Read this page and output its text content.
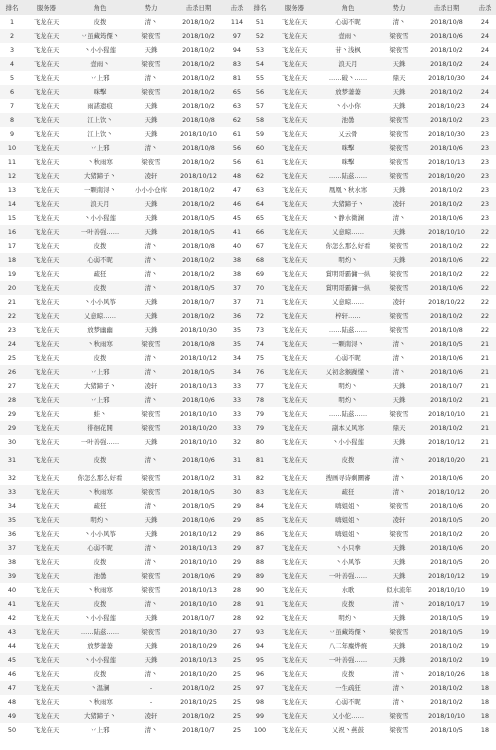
排名	服务器	角色	势力	击杀日期	击杀	排名	服务器	角色	势力	击杀日期	击杀
1	飞龙在天	皮拨	清丶	2018/10/2	114	51	飞龙在天	心弱不昵	清丶	2018/10/8	24
2	飞龙在天	丷虽藏筠僳丶	梁夜雪	2018/10/2	97	52	飞龙在天	壹雨丶	梁夜雪	2018/10/6	24
3	飞龙在天	丶小小猩莲	天銖	2018/10/2	94	53	飞龙在天	苷丶浅枫	梁夜雪	2018/10/2	24
4	飞龙在天	壹雨丶	梁夜雪	2018/10/2	83	54	飞龙在天	浪天月	天銖	2018/10/2	24
5	飞龙在天	丷上邪	清丶	2018/10/2	81	55	飞龙在天	……破丶……	鼎天	2018/10/30	24
6	飞龙在天	咪擊	梁夜雪	2018/10/2	65	56	飞龙在天	放梦萋萋	天銖	2018/10/2	24
7	飞龙在天	雨諾遗痕	天銖	2018/10/2	63	57	飞龙在天	丶小小你	天銖	2018/10/23	24
8	飞龙在天	江上饮丶	天銖	2018/10/8	62	58	飞龙在天	池曇	梁夜雪	2018/10/2	23
9	飞龙在天	江上饮丶	天銖	2018/10/10	61	59	飞龙在天	乂云骨	梁夜雪	2018/10/30	23
10	飞龙在天	丷上邪	清丶	2018/10/8	56	60	飞龙在天	咪擊	梁夜雪	2018/10/6	23
11	飞龙在天	丶秋雨寒	梁夜雪	2018/10/2	56	61	飞龙在天	咪擊	梁夜雪	2018/10/13	23
12	飞龙在天	大猪蹄子丶	凌轩	2018/10/12	48	62	飞龙在天	……陆茲……	梁夜雪	2018/10/20	23
13	飞龙在天	一颗南浔丶	小小小仓库	2018/10/2	47	63	飞龙在天	凰凰丶秋水寒	天銖	2018/10/2	23
14	飞龙在天	浪天月	天銖	2018/10/2	46	64	飞龙在天	大猪蹄子丶	凌轩	2018/10/2	23
15	飞龙在天	丶小小猩莲	天銖	2018/10/5	45	65	飞龙在天	丶静水微澜	清丶	2018/10/6	23
16	飞龙在天	一叶善强……	天銖	2018/10/5	41	66	飞龙在天	乂意晾……	天銖	2018/10/10	22
17	飞龙在天	皮拨	清丶	2018/10/8	40	67	飞龙在天	你怎么那么好看	梁夜雪	2018/10/2	22
18	飞龙在天	心弱不昵	清丶	2018/10/2	38	68	飞龙在天	明灼丶	天銖	2018/10/6	22
19	飞龙在天	疏狂	清丶	2018/10/2	38	69	飞龙在天	賞明哥霸傭一纵	梁夜雪	2018/10/2	22
20	飞龙在天	皮拨	清丶	2018/10/5	37	70	飞龙在天	賞明哥霸傭一纵	梁夜雪	2018/10/6	22
21	飞龙在天	丶小小风筝	天銖	2018/10/7	37	71	飞龙在天	乂意晾……	凌轩	2018/10/22	22
22	飞龙在天	乂意晾……	天銖	2018/10/2	36	72	飞龙在天	梓轩……	梁夜雪	2018/10/2	22
23	飞龙在天	放梦幽幽	天銖	2018/10/30	35	73	飞龙在天	……陆茲……	梁夜雪	2018/10/8	22
24	飞龙在天	丶秋雨寒	梁夜雪	2018/10/8	35	74	飞龙在天	一颗南浔丶	清丶	2018/10/5	21
25	飞龙在天	皮拨	清丶	2018/10/12	34	75	飞龙在天	心弱不昵	清丶	2018/10/6	21
26	飞龙在天	丷上邪	清丶	2018/10/5	34	76	飞龙在天	乂初念猴躁懂丶	清丶	2018/10/6	21
27	飞龙在天	大猪蹄子丶	凌轩	2018/10/13	33	77	飞龙在天	明灼丶	天銖	2018/10/7	21
28	飞龙在天	丷上邪	清丶	2018/10/6	33	78	飞龙在天	明灼丶	天銖	2018/10/2	21
29	飞龙在天	蛙丶	梁夜雪	2018/10/10	33	79	飞龙在天	……陆茲……	梁夜雪	2018/10/10	21
29	飞龙在天	徘徊花開	梁夜雪	2018/10/20	33	79	飞龙在天	副本乂风寒	鼎天	2018/10/2	21
30	飞龙在天	一叶善强……	天銖	2018/10/10	32	80	飞龙在天	丶小小猩莲	天銖	2018/10/12	21
31	飞龙在天	皮拨	清丶	2018/10/6	31	81	飞龙在天	皮拨	清丶	2018/10/20	21
32	飞龙在天	你怎么那么好看	梁夜雪	2018/10/2	31	82	飞龙在天	搜画寻诗剩圜審	清丶	2018/10/6	20
33	飞龙在天	丶秋雨寒	梁夜雪	2018/10/5	30	83	飞龙在天	疏狂	清丶	2018/10/12	20
34	飞龙在天	疏狂	清丶	2018/10/5	29	84	飞龙在天	嗨姐姐丶	梁夜雪	2018/10/6	20
35	飞龙在天	明灼丶	天銖	2018/10/6	29	85	飞龙在天	嗨姐姐丶	凌轩	2018/10/5	20
36	飞龙在天	丶小小风筝	天銖	2018/10/12	29	86	飞龙在天	嗨姐姐丶	梁夜雪	2018/10/2	20
37	飞龙在天	心弱不昵	清丶	2018/10/13	29	87	飞龙在天	丶小只拳	天銖	2018/10/6	20
38	飞龙在天	皮拨	清丶	2018/10/10	29	88	飞龙在天	丶小风筝	天銖	2018/10/5	20
39	飞龙在天	池曇	梁夜雪	2018/10/6	29	89	飞龙在天	一叶善强……	天銖	2018/10/12	19
40	飞龙在天	丶秋雨寒	梁夜雪	2018/10/13	28	90	飞龙在天	水歌	似水流年	2018/10/10	19
41	飞龙在天	皮拨	清丶	2018/10/10	28	91	飞龙在天	皮拨	清丶	2018/10/17	19
42	飞龙在天	丶小小猩莲	天銖	2018/10/7	28	92	飞龙在天	明灼丶	天銖	2018/10/5	19
43	飞龙在天	……陆茲……	梁夜雪	2018/10/30	27	93	飞龙在天	丷虽藏筠僳丶	梁夜雪	2018/10/5	19
44	飞龙在天	放梦萋萋	天銖	2018/10/29	26	94	飞龙在天	八二年麋烨焼	天銖	2018/10/2	19
45	飞龙在天	丶小小猩莲	天銖	2018/10/13	25	95	飞龙在天	一叶善强……	天銖	2018/10/2	19
46	飞龙在天	皮拨	清丶	2018/10/20	25	96	飞龙在天	皮拨	清丶	2018/10/26	18
47	飞龙在天	丶温澜	-	2018/10/2	25	97	飞龙在天	一生疏狂	清丶	2018/10/2	18
48	飞龙在天	丶秋雨寒	-	2018/10/25	25	98	飞龙在天	心弱不昵	清丶	2018/10/2	18
49	飞龙在天	大猪蹄子丶	凌轩	2018/10/2	25	99	飞龙在天	乂小佗……	梁夜雪	2018/10/10	18
50	飞龙在天	丷上邪	清丶	2018/10/7	25	100	飞龙在天	乂祝丶燕鼓	梁夜雪	2018/10/5	18
